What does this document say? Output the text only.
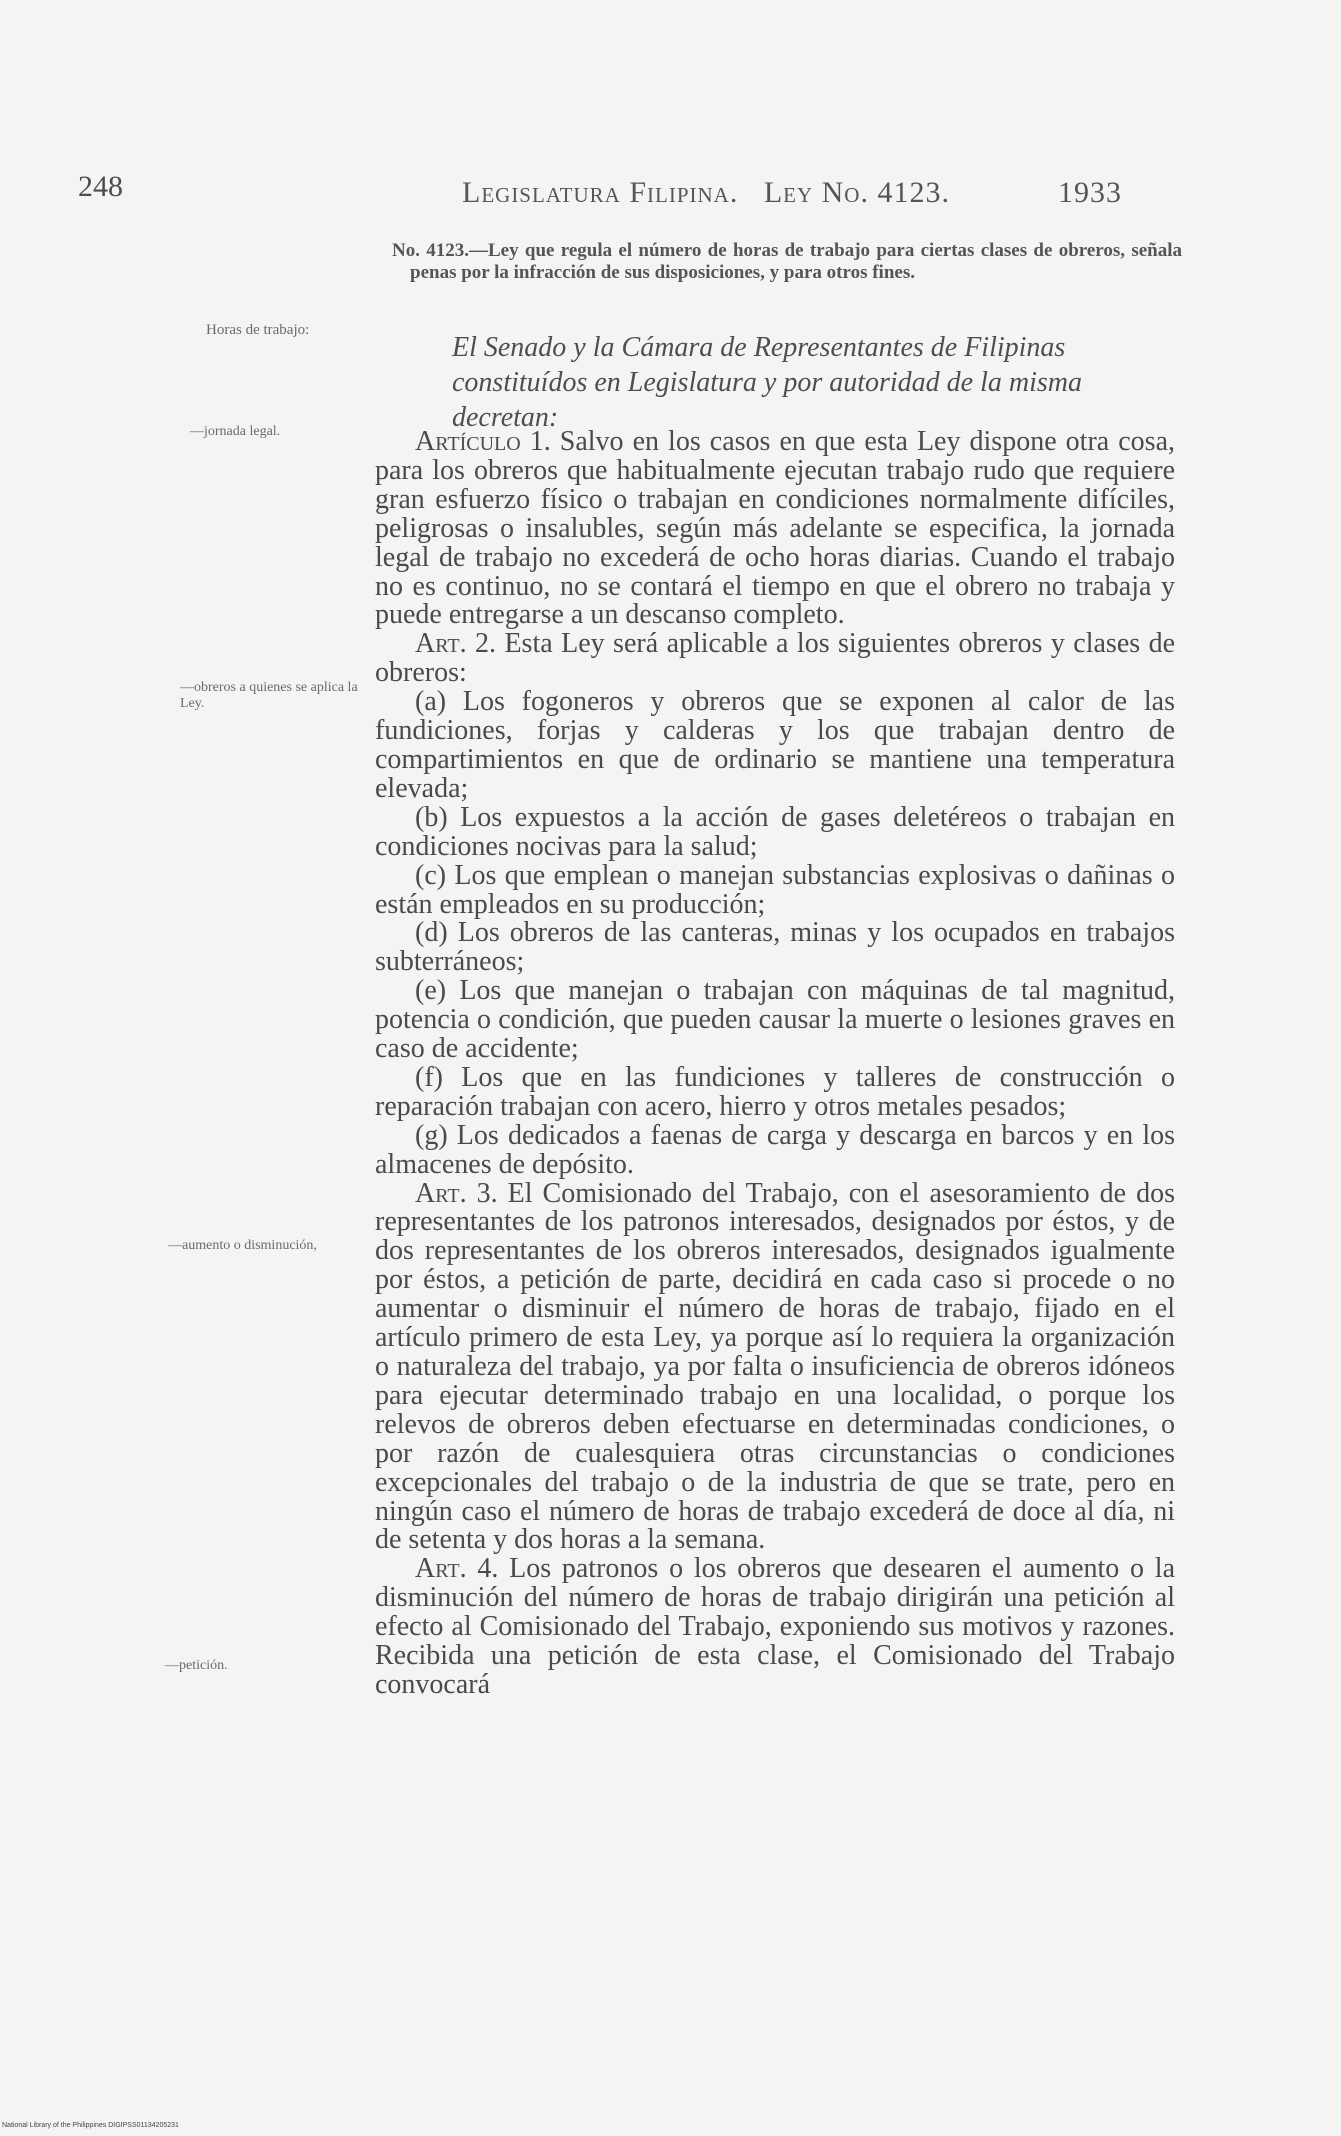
248	Legislatura Filipina. Ley No. 4123.	1933
No. 4123.—Ley que regula el número de horas de trabajo para ciertas clases de obreros, señala penas por la infracción de sus disposiciones, y para otros fines.
Horas de trabajo:
El Senado y la Cámara de Representantes de Filipinas constituídos en Legislatura y por autoridad de la misma decretan:
—jornada legal.
—obreros a quienes se aplica la Ley.
—aumento o disminución,
—petición.

Artículo 1. Salvo en los casos en que esta Ley dispone otra cosa, para los obreros que habitualmente ejecutan trabajo rudo que requiere gran esfuerzo físico o trabajan en condiciones normalmente difíciles, peligrosas o insalubles, según más adelante se especifica, la jornada legal de trabajo no excederá de ocho horas diarias. Cuando el trabajo no es continuo, no se contará el tiempo en que el obrero no trabaja y puede entregarse a un descanso completo.

Art. 2. Esta Ley será aplicable a los siguientes obreros y clases de obreros:

(a) Los fogoneros y obreros que se exponen al calor de las fundiciones, forjas y calderas y los que trabajan dentro de compartimientos en que de ordinario se mantiene una temperatura elevada;

(b) Los expuestos a la acción de gases deletéreos o trabajan en condiciones nocivas para la salud;

(c) Los que emplean o manejan substancias explosivas o dañinas o están empleados en su producción;

(d) Los obreros de las canteras, minas y los ocupados en trabajos subterráneos;

(e) Los que manejan o trabajan con máquinas de tal magnitud, potencia o condición, que pueden causar la muerte o lesiones graves en caso de accidente;

(f) Los que en las fundiciones y talleres de construcción o reparación trabajan con acero, hierro y otros metales pesados;

(g) Los dedicados a faenas de carga y descarga en barcos y en los almacenes de depósito.

Art. 3. El Comisionado del Trabajo, con el asesoramiento de dos representantes de los patronos interesados, designados por éstos, y de dos representantes de los obreros interesados, designados igualmente por éstos, a petición de parte, decidirá en cada caso si procede o no aumentar o disminuir el número de horas de trabajo, fijado en el artículo primero de esta Ley, ya porque así lo requiera la organización o naturaleza del trabajo, ya por falta o insuficiencia de obreros idóneos para ejecutar determinado trabajo en una localidad, o porque los relevos de obreros deben efectuarse en determinadas condiciones, o por razón de cualesquiera otras circunstancias o condiciones excepcionales del trabajo o de la industria de que se trate, pero en ningún caso el número de horas de trabajo excederá de doce al día, ni de setenta y dos horas a la semana.

Art. 4. Los patronos o los obreros que desearen el aumento o la disminución del número de horas de trabajo dirigirán una petición al efecto al Comisionado del Trabajo, exponiendo sus motivos y razones. Recibida una petición de esta clase, el Comisionado del Trabajo convocará

National Library of the Philippines DIGIPSS01134205231
